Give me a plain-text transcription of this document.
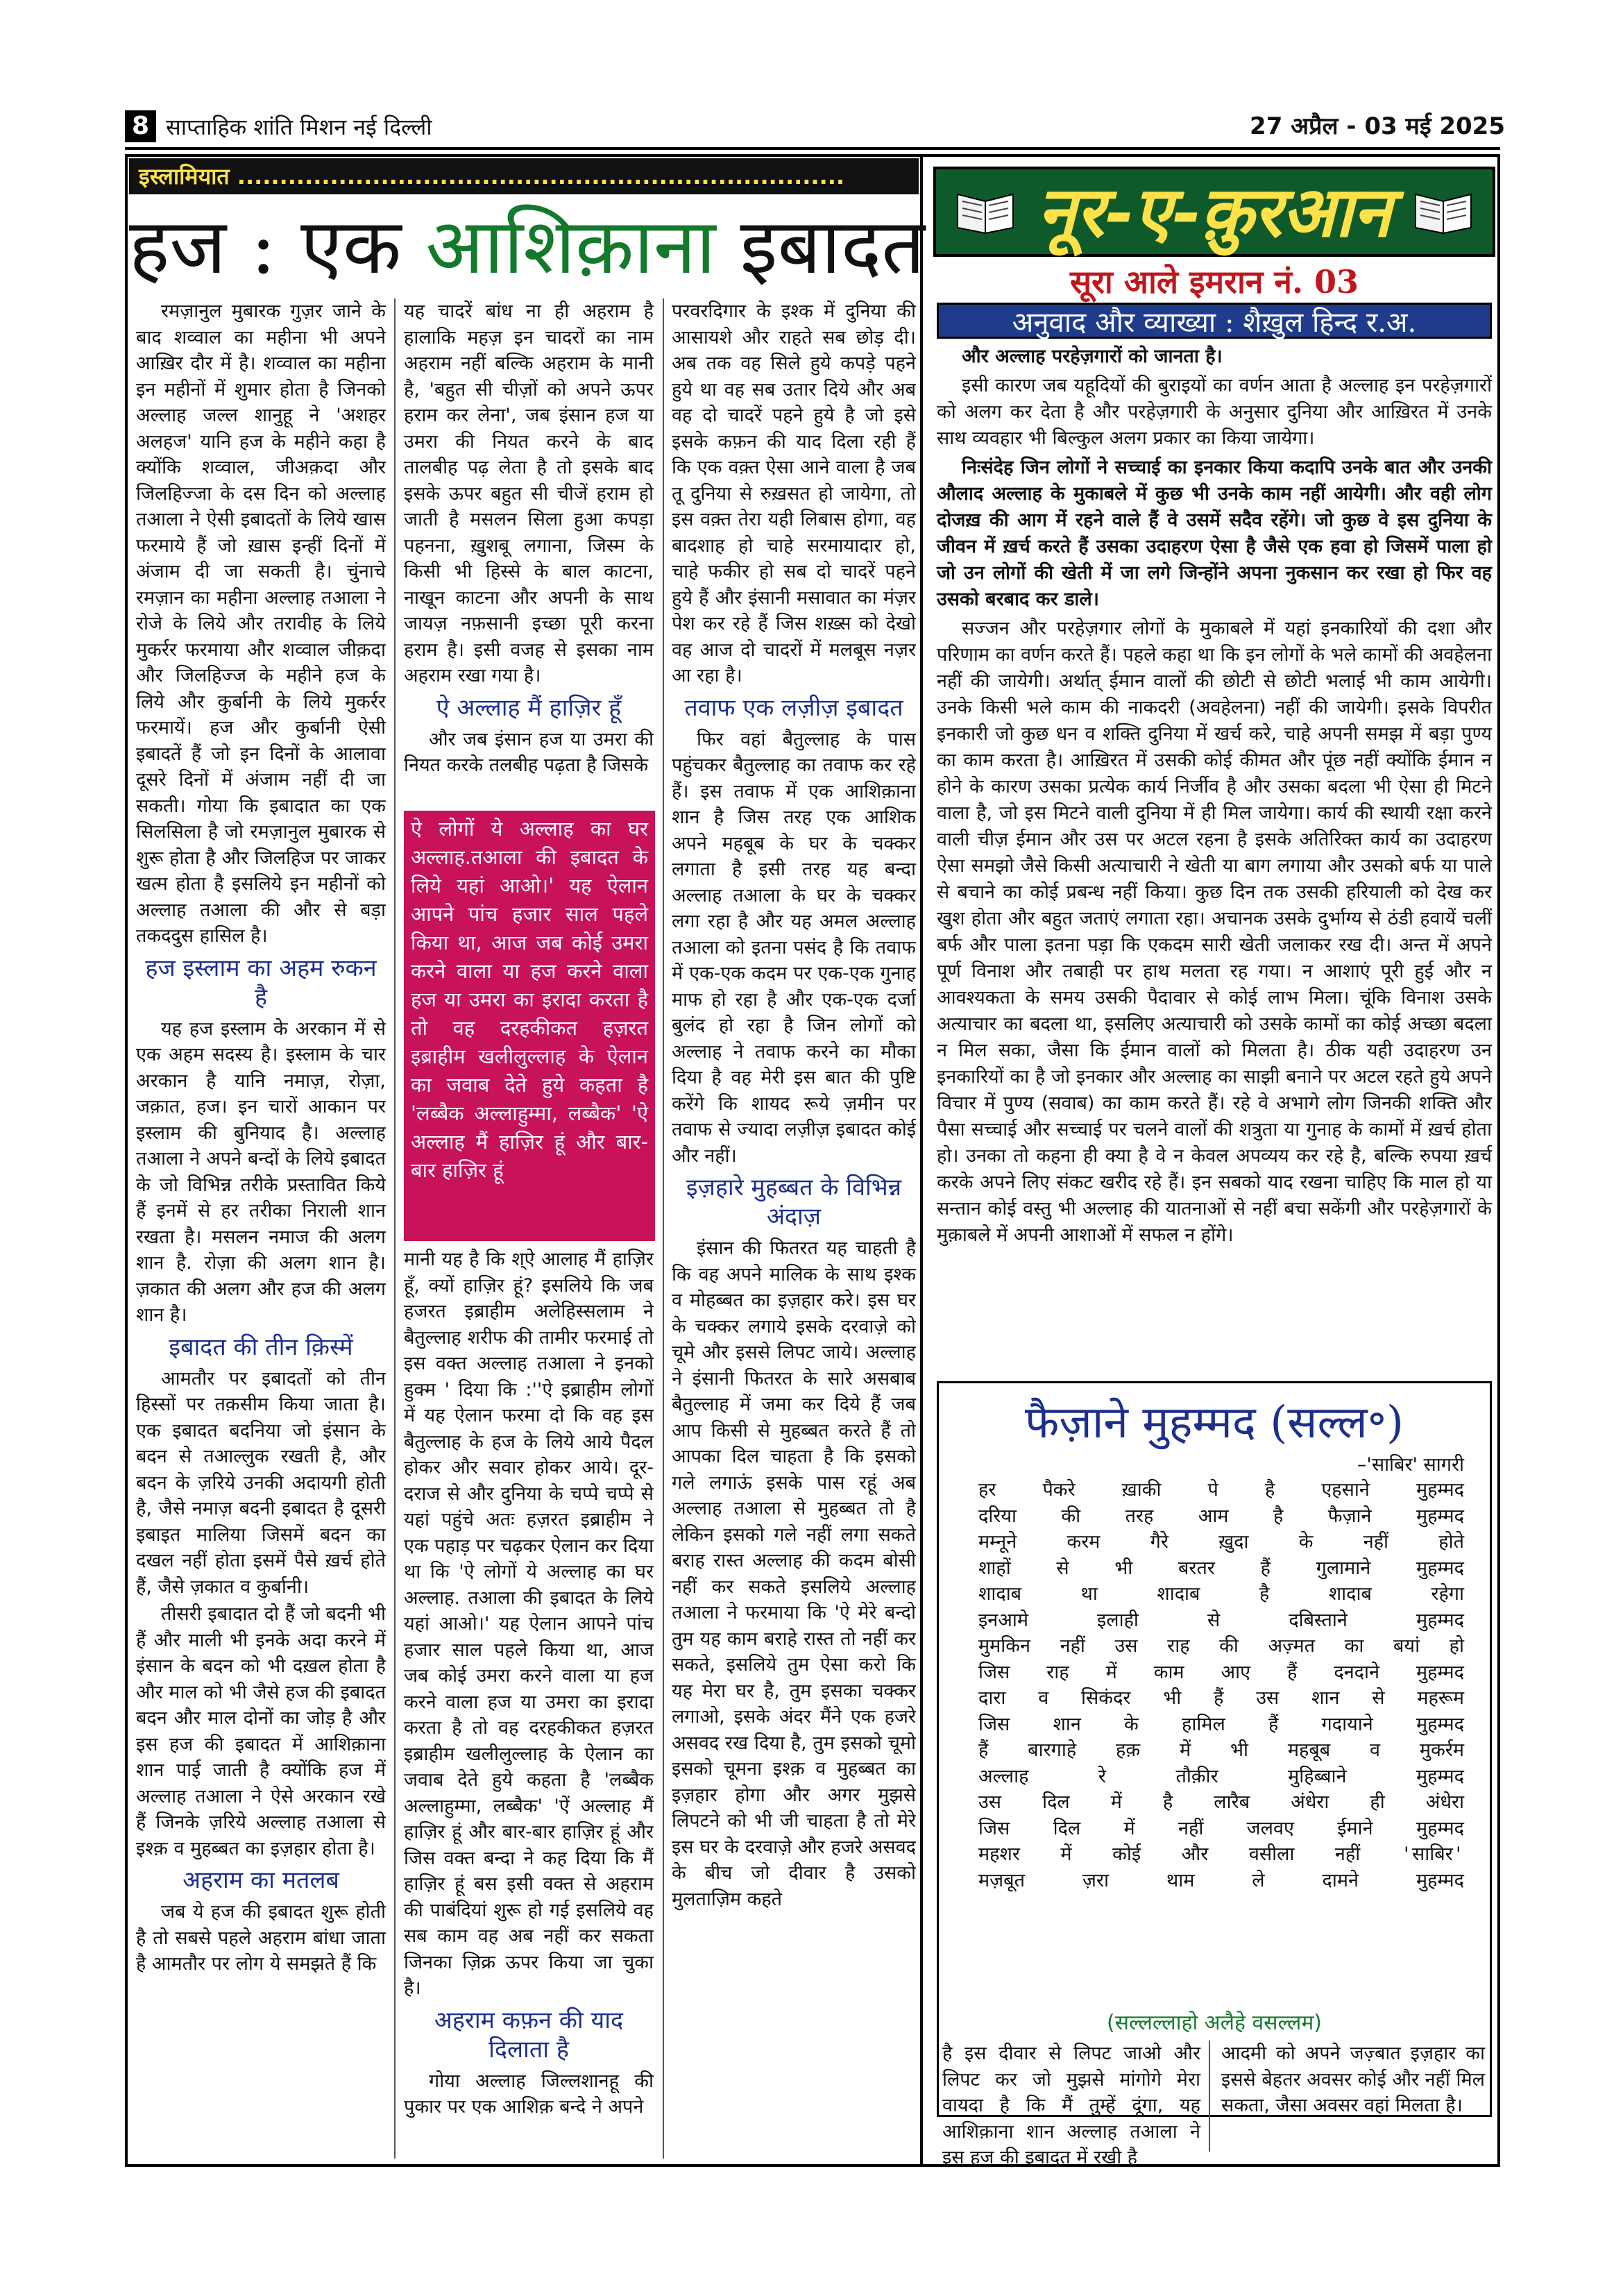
8 साप्ताहिक शांति मिशन नई दिल्ली	27 अप्रैल - 03 मई 2025
इस्लामियात ........................................................................
हज : एक आशिक़ाना इबादत

रमज़ानुल मुबारक गुज़र जाने के बाद शव्वाल का महीना भी अपने आख़िर दौर में है। शव्वाल का महीना इन महीनों में शुमार होता है जिनको अल्लाह जल्ल शानुहू ने 'अशहर अलहज' यानि हज के महीने कहा है क्योंकि शव्वाल, जीअक़दा और जिलहिज्जा के दस दिन को अल्लाह तआला ने ऐसी इबादतों के लिये खास फरमाये हैं जो ख़ास इन्हीं दिनों में अंजाम दी जा सकती है। चुंनाचे रमज़ान का महीना अल्लाह तआला ने रोजे के लिये और तरावीह के लिये मुकर्रर फरमाया और शव्वाल जीक़दा और जिलहिज्ज के महीने हज के लिये और कुर्बानी के लिये मुकर्रर फरमायें। हज और कुर्बानी ऐसी इबादतें हैं जो इन दिनों के आलावा दूसरे दिनों में अंजाम नहीं दी जा सकती। गोया कि इबादात का एक सिलसिला है जो रमज़ानुल मुबारक से शुरू होता है और जिलहिज पर जाकर खत्म होता है इसलिये इन महीनों को अल्लाह तआला की और से बड़ा तकददुस हासिल है।

हज इस्लाम का अहम रुकन है

यह हज इस्लाम के अरकान में से एक अहम सदस्य है। इस्लाम के चार अरकान है यानि नमाज़, रोज़ा, जक़ात, हज। इन चारों आकान पर इस्लाम की बुनियाद है। अल्लाह तआला ने अपने बन्दों के लिये इबादत के जो विभिन्न तरीके प्रस्तावित किये हैं इनमें से हर तरीका निराली शान रखता है। मसलन नमाज की अलग शान है. रोज़ा की अलग शान है। ज़कात की अलग और हज की अलग शान है।

इबादत की तीन क़िस्में

आमतौर पर इबादतों को तीन हिस्सों पर तक़सीम किया जाता है। एक इबादत बदनिया जो इंसान के बदन से तआल्लुक रखती है, और बदन के ज़रिये उनकी अदायगी होती है, जैसे नमाज़ बदनी इबादत है दूसरी इबाइत मालिया जिसमें बदन का दखल नहीं होता इसमें पैसे ख़र्च होते हैं, जैसे ज़कात व कुर्बानी।

तीसरी इबादात दो हैं जो बदनी भी हैं और माली भी इनके अदा करने में इंसान के बदन को भी दख़ल होता है और माल को भी जैसे हज की इबादत बदन और माल दोनों का जोड़ है और इस हज की इबादत में आशिक़ाना शान पाई जाती है क्योंकि हज में अल्लाह तआला ने ऐसे अरकान रखे हैं जिनके ज़रिये अल्लाह तआला से इश्क़ व मुहब्बत का इज़हार होता है।

अहराम का मतलब

जब ये हज की इबादत शुरू होती है तो सबसे पहले अहराम बांधा जाता है आमतौर पर लोग ये समझते हैं कि

यह चादरें बांध ना ही अहराम है हालाकि महज़ इन चादरों का नाम अहराम नहीं बल्कि अहराम के मानी है, 'बहुत सी चीज़ों को अपने ऊपर हराम कर लेना', जब इंसान हज या उमरा की नियत करने के बाद तालबीह पढ़ लेता है तो इसके बाद इसके ऊपर बहुत सी चीजें हराम हो जाती है मसलन सिला हुआ कपड़ा पहनना, ख़ुशबू लगाना, जिस्म के किसी भी हिस्से के बाल काटना, नाखून काटना और अपनी के साथ जायज़ नफ़सानी इच्छा पूरी करना हराम है। इसी वजह से इसका नाम अहराम रखा गया है।

ऐ अल्लाह मैं हाज़िर हूँ

और जब इंसान हज या उमरा की नियत करके तलबीह पढ़ता है जिसके

ऐ लोगों ये अल्लाह का घर अल्लाह.तआला की इबादत के लिये यहां आओ।' यह ऐलान आपने पांच हजार साल पहले किया था, आज जब कोई उमरा करने वाला या हज करने वाला हज या उमरा का इरादा करता है तो वह दरहकीकत हज़रत इब्राहीम खलीलुल्लाह के ऐलान का जवाब देते हुये कहता है 'लब्बैक अल्लाहुम्मा, लब्बैक' 'ऐ अल्लाह मैं हाज़िर हूं और बार-बार हाज़िर हूं

मानी यह है कि श्ऐ आलाह मैं हाज़िर हूँ, क्यों हाज़िर हूं? इसलिये कि जब हजरत इब्राहीम अलेहिस्सलाम ने बैतुल्लाह शरीफ की तामीर फरमाई तो इस वक्त अल्लाह तआला ने इनको हुक्म ' दिया कि :''ऐ इब्राहीम लोगों में यह ऐलान फरमा दो कि वह इस बैतुल्लाह के हज के लिये आये पैदल होकर और सवार होकर आये। दूर-दराज से और दुनिया के चप्पे चप्पे से यहां पहुंचे अतः हज़रत इब्राहीम ने एक पहाड़ पर चढ़कर ऐलान कर दिया था कि 'ऐ लोगों ये अल्लाह का घर अल्लाह. तआला की इबादत के लिये यहां आओ।' यह ऐलान आपने पांच हजार साल पहले किया था, आज जब कोई उमरा करने वाला या हज करने वाला हज या उमरा का इरादा करता है तो वह दरहकीकत हज़रत इब्राहीम खलीलुल्लाह के ऐलान का जवाब देते हुये कहता है 'लब्बैक अल्लाहुम्मा, लब्बैक' 'ऐं अल्लाह मैं हाज़िर हूं और बार-बार हाज़िर हूं और जिस वक्त बन्दा ने कह दिया कि मैं हाज़िर हूं बस इसी वक्त से अहराम की पाबंदियां शुरू हो गई इसलिये वह सब काम वह अब नहीं कर सकता जिनका ज़िक्र ऊपर किया जा चुका है।

अहराम कफ़न की याद दिलाता है

गोया अल्लाह जिल्लशानहू की पुकार पर एक आशिक़ बन्दे ने अपने

परवरदिगार के इश्क में दुनिया की आसायशे और राहते सब छोड़ दी। अब तक वह सिले हुये कपड़े पहने हुये था वह सब उतार दिये और अब वह दो चादरें पहने हुये है जो इसे इसके कफ़न की याद दिला रही हैं कि एक वक़्त ऐसा आने वाला है जब तू दुनिया से रुख़सत हो जायेगा, तो इस वक़्त तेरा यही लिबास होगा, वह बादशाह हो चाहे सरमायादार हो, चाहे फकीर हो सब दो चादरें पहने हुये हैं और इंसानी मसावात का मंज़र पेश कर रहे हैं जिस शख़्स को देखो वह आज दो चादरों में मलबूस नज़र आ रहा है।

तवाफ एक लज़ीज़ इबादत

फिर वहां बैतुल्लाह के पास पहुंचकर बैतुल्लाह का तवाफ कर रहे हैं। इस तवाफ में एक आशिक़ाना शान है जिस तरह एक आशिक अपने महबूब के घर के चक्कर लगाता है इसी तरह यह बन्दा अल्लाह तआला के घर के चक्कर लगा रहा है और यह अमल अल्लाह तआला को इतना पसंद है कि तवाफ में एक-एक कदम पर एक-एक गुनाह माफ हो रहा है और एक-एक दर्जा बुलंद हो रहा है जिन लोगों को अल्लाह ने तवाफ करने का मौका दिया है वह मेरी इस बात की पुष्टि करेंगे कि शायद रूये ज़मीन पर तवाफ से ज्यादा लज़ीज़ इबादत कोई और नहीं।

इज़हारे मुहब्बत के विभिन्न अंदाज़

इंसान की फितरत यह चाहती है कि वह अपने मालिक के साथ इश्क व मोहब्बत का इज़हार करे। इस घर के चक्कर लगाये इसके दरवाज़े को चूमे और इससे लिपट जाये। अल्लाह ने इंसानी फितरत के सारे असबाब बैतुल्लाह में जमा कर दिये हैं जब आप किसी से मुहब्बत करते हैं तो आपका दिल चाहता है कि इसको गले लगाऊं इसके पास रहूं अब अल्लाह तआला से मुहब्बत तो है लेकिन इसको गले नहीं लगा सकते बराह रास्त अल्लाह की कदम बोसी नहीं कर सकते इसलिये अल्लाह तआला ने फरमाया कि 'ऐ मेरे बन्दो तुम यह काम बराहे रास्त तो नहीं कर सकते, इसलिये तुम ऐसा करो कि यह मेरा घर है, तुम इसका चक्कर लगाओ, इसके अंदर मैंने एक हजरे असवद रख दिया है, तुम इसको चूमो इसको चूमना इश्क़ व मुहब्बत का इज़हार होगा और अगर मुझसे लिपटने को भी जी चाहता है तो मेरे इस घर के दरवाज़े और हजरे असवद के बीच जो दीवार है उसको मुलताज़िम कहते

नूर-ए-क़ुरआन
सूरा आले इमरान नं. 03
अनुवाद और व्याख्या : शैख़ुल हिन्द र.अ.

और अल्लाह परहेज़गारों को जानता है।

इसी कारण जब यहूदियों की बुराइयों का वर्णन आता है अल्लाह इन परहेज़गारों को अलग कर देता है और परहेज़गारी के अनुसार दुनिया और आख़िरत में उनके साथ व्यवहार भी बिल्कुल अलग प्रकार का किया जायेगा।

निःसंदेह जिन लोगों ने सच्चाई का इनकार किया कदापि उनके बात और उनकी औलाद अल्लाह के मुकाबले में कुछ भी उनके काम नहीं आयेगी। और वही लोग दोजख़ की आग में रहने वाले हैं वे उसमें सदैव रहेंगे। जो कुछ वे इस दुनिया के जीवन में ख़र्च करते हैं उसका उदाहरण ऐसा है जैसे एक हवा हो जिसमें पाला हो जो उन लोगों की खेती में जा लगे जिन्होंने अपना नुकसान कर रखा हो फिर वह उसको बरबाद कर डाले।

सज्जन और परहेज़गार लोगों के मुकाबले में यहां इनकारियों की दशा और परिणाम का वर्णन करते हैं। पहले कहा था कि इन लोगों के भले कामों की अवहेलना नहीं की जायेगी। अर्थात् ईमान वालों की छोटी से छोटी भलाई भी काम आयेगी। उनके किसी भले काम की नाकदरी (अवहेलना) नहीं की जायेगी। इसके विपरीत इनकारी जो कुछ धन व शक्ति दुनिया में खर्च करे, चाहे अपनी समझ में बड़ा पुण्य का काम करता है। आख़िरत में उसकी कोई कीमत और पूंछ नहीं क्योंकि ईमान न होने के कारण उसका प्रत्येक कार्य निर्जीव है और उसका बदला भी ऐसा ही मिटने वाला है, जो इस मिटने वाली दुनिया में ही मिल जायेगा। कार्य की स्थायी रक्षा करने वाली चीज़ ईमान और उस पर अटल रहना है इसके अतिरिक्त कार्य का उदाहरण ऐसा समझो जैसे किसी अत्याचारी ने खेती या बाग लगाया और उसको बर्फ या पाले से बचाने का कोई प्रबन्ध नहीं किया। कुछ दिन तक उसकी हरियाली को देख कर खुश होता और बहुत जताएं लगाता रहा। अचानक उसके दुर्भाग्य से ठंडी हवायें चलीं बर्फ और पाला इतना पड़ा कि एकदम सारी खेती जलाकर रख दी। अन्त में अपने पूर्ण विनाश और तबाही पर हाथ मलता रह गया। न आशाएं पूरी हुई और न आवश्यकता के समय उसकी पैदावार से कोई लाभ मिला। चूंकि विनाश उसके अत्याचार का बदला था, इसलिए अत्याचारी को उसके कामों का कोई अच्छा बदला न मिल सका, जैसा कि ईमान वालों को मिलता है। ठीक यही उदाहरण उन इनकारियों का है जो इनकार और अल्लाह का साझी बनाने पर अटल रहते हुये अपने विचार में पुण्य (सवाब) का काम करते हैं। रहे वे अभागे लोग जिनकी शक्ति और पैसा सच्चाई और सच्चाई पर चलने वालों की शत्रुता या गुनाह के कामों में ख़र्च होता हो। उनका तो कहना ही क्या है वे न केवल अपव्यय कर रहे है, बल्कि रुपया ख़र्च करके अपने लिए संकट खरीद रहे हैं। इन सबको याद रखना चाहिए कि माल हो या सन्तान कोई वस्तु भी अल्लाह की यातनाओं से नहीं बचा सकेंगी और परहेज़गारों के मुक़ाबले में अपनी आशाओं में सफल न होंगे।

फैज़ाने मुहम्मद (सल्ल॰)
–'साबिर' सागरी
हर पैकरे ख़ाकी पे है एहसाने मुहम्मद
दरिया की तरह आम है फैज़ाने मुहम्मद
मम्नूने करम गैरे ख़ुदा के नहीं होते
शाहों से भी बरतर हैं गुलामाने मुहम्मद
शादाब था शादाब है शादाब रहेगा
इनआमे इलाही से दबिस्ताने मुहम्मद
मुमकिन नहीं उस राह की अज़्मत का बयां हो
जिस राह में काम आए हैं दनदाने मुहम्मद
दारा व सिकंदर भी हैं उस शान से महरूम
जिस शान के हामिल हैं गदायाने मुहम्मद
हैं बारगाहे हक़ में भी महबूब व मुकर्रम
अल्लाह रे तौक़ीर मुहिब्बाने मुहम्मद
उस दिल में है लारैब अंधेरा ही अंधेरा
जिस दिल में नहीं जलवए ईमाने मुहम्मद
महशर में कोई और वसीला नहीं 'साबिर'
मज़बूत ज़रा थाम ले दामने मुहम्मद
(सल्लल्लाहो अलैहे वसल्लम)
है इस दीवार से लिपट जाओ और लिपट कर जो मुझसे मांगोगे मेरा वायदा है कि मैं तुम्हें दूंगा, यह आशिक़ाना शान अल्लाह तआला ने इस हज की इबादत में रखी है
आदमी को अपने जज़्बात इज़हार का इससे बेहतर अवसर कोई और नहीं मिल सकता, जैसा अवसर वहां मिलता है।
